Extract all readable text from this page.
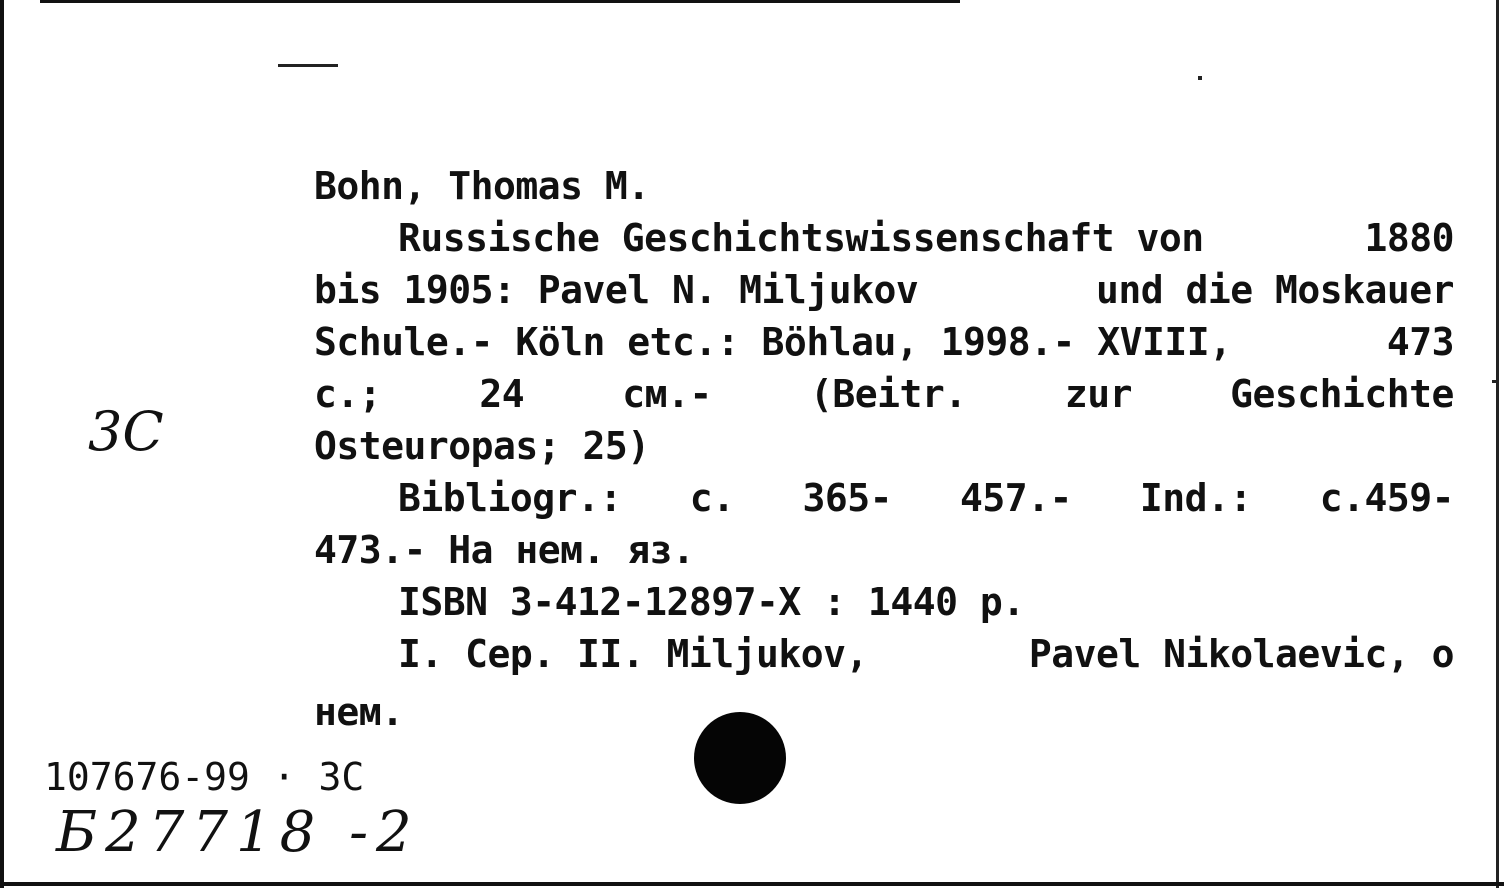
3С
Bohn, Thomas M.
Russische Geschichtswissenschaft von	1880
bis 1905: Pavel N. Miljukov	und die Moskauer
Schule.- Köln etc.: Böhlau, 1998.- XVIII,	473
с.;	24	см.-	(Beitr.	zur	Geschichte
Osteuropas; 25)
Bibliogr.: c. 365- 457.- Ind.: c.459-
473.- На нем. яз.
ISBN 3-412-12897-X : 1440 р.
I. Сер. II. Miljukov,	Pavel Nikolaevic, о
нем.
107676-99 · 3С
Б27718 -2
